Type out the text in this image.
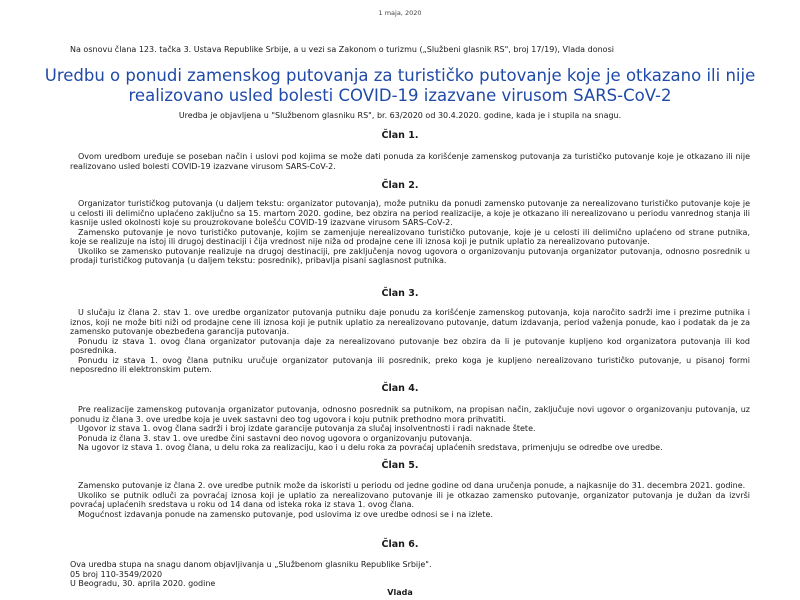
1 maja, 2020
Na osnovu člana 123. tačka 3. Ustava Republike Srbije, a u vezi sa Zakonom o turizmu („Službeni glasnik RS", broj 17/19), Vlada donosi
Uredbu o ponudi zamenskog putovanja za turističko putovanje koje je otkazano ili nije realizovano usled bolesti COVID-19 izazvane virusom SARS-CoV-2
Uredba je objavljena u "Službenom glasniku RS", br. 63/2020 od 30.4.2020. godine, kada je i stupila na snagu.
Član 1.

Ovom uredbom uređuje se poseban način i uslovi pod kojima se može dati ponuda za korišćenje zamenskog putovanja za turističko putovanje koje je otkazano ili nije realizovano usled bolesti COVID-19 izazvane virusom SARS-CoV-2.

Član 2.

Organizator turističkog putovanja (u daljem tekstu: organizator putovanja), može putniku da ponudi zamensko putovanje za nerealizovano turističko putovanje koje je u celosti ili delimično uplaćeno zaključno sa 15. martom 2020. godine, bez obzira na period realizacije, a koje je otkazano ili nerealizovano u periodu vanrednog stanja ili kasnije usled okolnosti koje su prouzrokovane bolešću COVID-19 izazvane virusom SARS-CoV-2.

Zamensko putovanje je novo turističko putovanje, kojim se zamenjuje nerealizovano turističko putovanje, koje je u celosti ili delimično uplaćeno od strane putnika, koje se realizuje na istoj ili drugoj destinaciji i čija vrednost nije niža od prodajne cene ili iznosa koji je putnik uplatio za nerealizovano putovanje.

Ukoliko se zamensko putovanje realizuje na drugoj destinaciji, pre zaključenja novog ugovora o organizovanju putovanja organizator putovanja, odnosno posrednik u prodaji turističkog putovanja (u daljem tekstu: posrednik), pribavlja pisani saglasnost putnika.

Član 3.

U slučaju iz člana 2. stav 1. ove uredbe organizator putovanja putniku daje ponudu za korišćenje zamenskog putovanja, koja naročito sadrži ime i prezime putnika i iznos, koji ne može biti niži od prodajne cene ili iznosa koji je putnik uplatio za nerealizovano putovanje, datum izdavanja, period važenja ponude, kao i podatak da je za zamensko putovanje obezbeđena garancija putovanja.

Ponudu iz stava 1. ovog člana organizator putovanja daje za nerealizovano putovanje bez obzira da li je putovanje kupljeno kod organizatora putovanja ili kod posrednika.

Ponudu iz stava 1. ovog člana putniku uručuje organizator putovanja ili posrednik, preko koga je kupljeno nerealizovano turističko putovanje, u pisanoj formi neposredno ili elektronskim putem.

Član 4.

Pre realizacije zamenskog putovanja organizator putovanja, odnosno posrednik sa putnikom, na propisan način, zaključuje novi ugovor o organizovanju putovanja, uz ponudu iz člana 3. ove uredbe koja je uvek sastavni deo tog ugovora i koju putnik prethodno mora prihvatiti.

Ugovor iz stava 1. ovog člana sadrži i broj izdate garancije putovanja za slučaj insolventnosti i radi naknade štete.

Ponuda iz člana 3. stav 1. ove uredbe čini sastavni deo novog ugovora o organizovanju putovanja.

Na ugovor iz stava 1. ovog člana, u delu roka za realizaciju, kao i u delu roka za povraćaj uplaćenih sredstava, primenjuju se odredbe ove uredbe.

Član 5.

Zamensko putovanje iz člana 2. ove uredbe putnik može da iskoristi u periodu od jedne godine od dana uručenja ponude, a najkasnije do 31. decembra 2021. godine.

Ukoliko se putnik odluči za povraćaj iznosa koji je uplatio za nerealizovano putovanje ili je otkazao zamensko putovanje, organizator putovanja je dužan da izvrši povraćaj uplaćenih sredstava u roku od 14 dana od isteka roka iz stava 1. ovog člana.

Mogućnost izdavanja ponude na zamensko putovanje, pod uslovima iz ove uredbe odnosi se i na izlete.

Član 6.
Ova uredba stupa na snagu danom objavljivanja u „Službenom glasniku Republike Srbije".
05 broj 110-3549/2020
U Beogradu, 30. aprila 2020. godine
Vlada
